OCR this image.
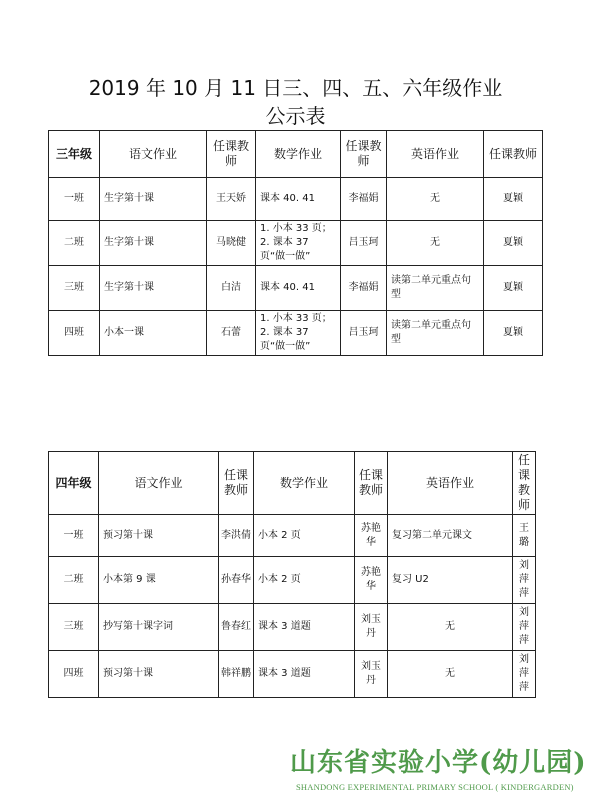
2019 年 10 月 11 日三、四、五、六年级作业
公示表
三年级	语文作业	任课教师	数学作业	任课教师	英语作业	任课教师
一班	生字第十课	王天娇	课本 40. 41	李福娟	无	夏颖
二班	生字第十课	马晓健	1. 小本 33 页；2. 课本 37 页“做一做”	吕玉珂	无	夏颖
三班	生字第十课	白洁	课本 40. 41	李福娟	读第二单元重点句型	夏颖
四班	小本一课	石蕾	1. 小本 33 页；2. 课本 37 页“做一做”	吕玉珂	读第二单元重点句型	夏颖
四年级	语文作业	任课教师	数学作业	任课教师	英语作业	任课教师
一班	预习第十课	李洪倩	小本 2 页	苏艳华	复习第二单元课文	王璐
二班	小本第 9 课	孙春华	小本 2 页	苏艳华	复习 U2	刘萍萍
三班	抄写第十课字词	鲁春红	课本 3 道题	刘玉丹	无	刘萍萍
四班	预习第十课	韩祥鹏	课本 3 道题	刘玉丹	无	刘萍萍
山东省实验小学(幼儿园)
SHANDONG EXPERIMENTAL PRIMARY SCHOOL ( KINDERGARDEN)
